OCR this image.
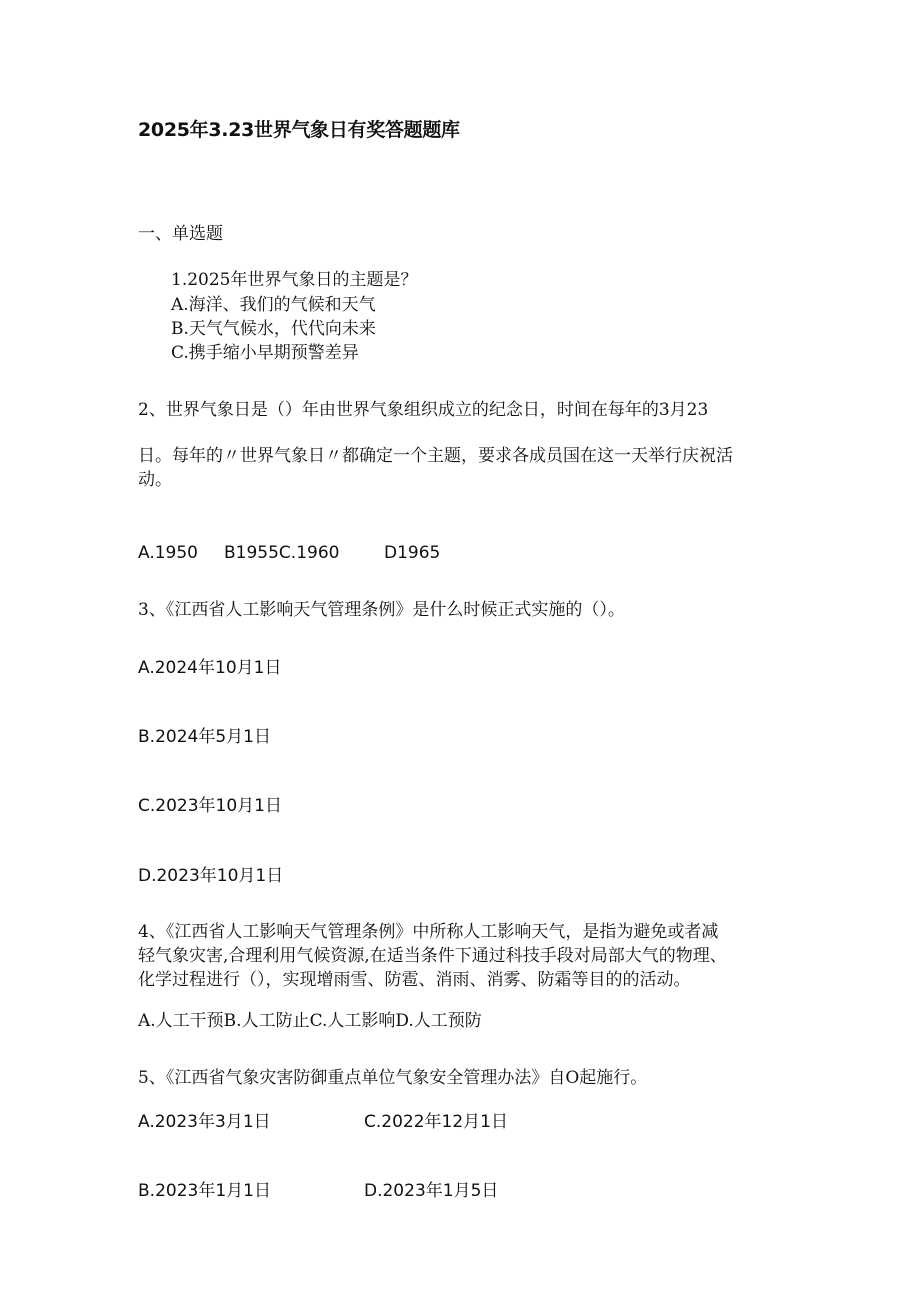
2025年3.23世界气象日有奖答题题库
一、单选题
1.2025年世界气象日的主题是？
A.海洋、我们的气候和天气
B.天气气候水，代代向未来
C.携手缩小早期预警差异
2、世界气象日是（）年由世界气象组织成立的纪念日，时间在每年的3月23
日。每年的〃世界气象日〃都确定一个主题，要求各成员国在这一天举行庆祝活
动。
A.1950 B1955C.1960	D1965
3、《江西省人工影响天气管理条例》是什么时候正式实施的（）。
A.2024年10月1日
B.2024年5月1日
C.2023年10月1日
D.2023年10月1日
4、《江西省人工影响天气管理条例》中所称人工影响天气，是指为避免或者减
轻气象灾害,合理利用气候资源,在适当条件下通过科技手段对局部大气的物理、
化学过程进行（），实现增雨雪、防雹、消雨、消雾、防霜等目的的活动。
A.人工干预B.人工防止C.人工影响D.人工预防
5、《江西省气象灾害防御重点单位气象安全管理办法》自O起施行。
A.2023年3月1日	C.2022年12月1日
B.2023年1月1日	D.2023年1月5日
